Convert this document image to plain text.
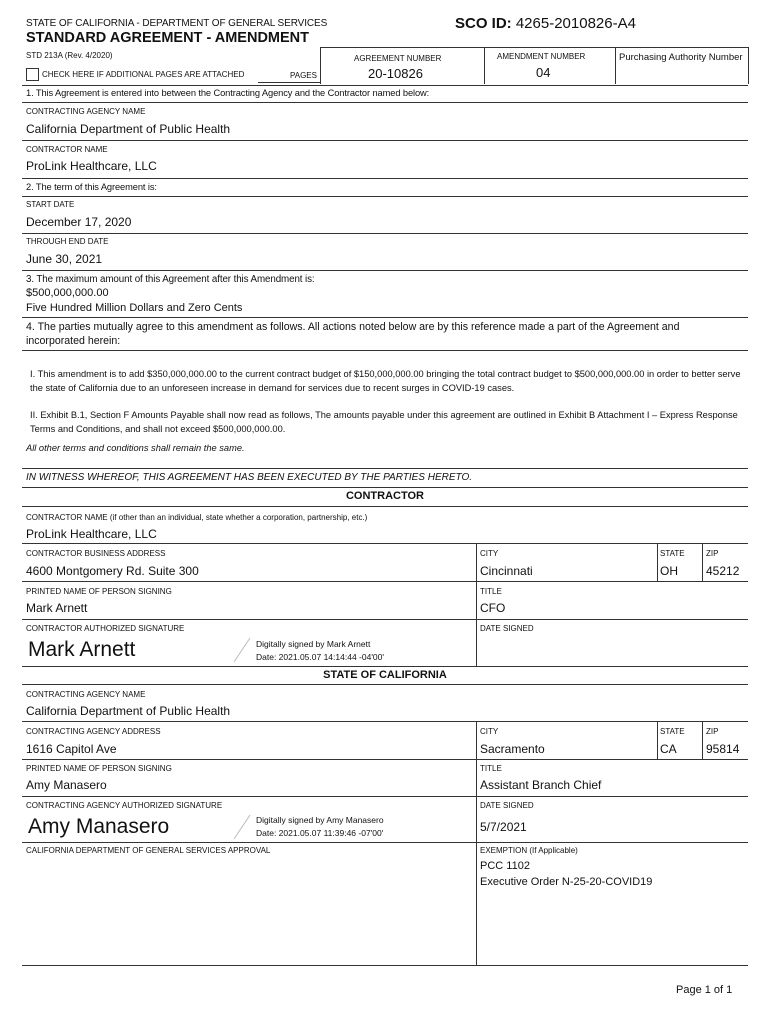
STATE OF CALIFORNIA - DEPARTMENT OF GENERAL SERVICES	SCO ID: 4265-2010826-A4
STANDARD AGREEMENT - AMENDMENT
STD 213A (Rev. 4/2020)	AGREEMENT NUMBER
20-10826
AMENDMENT NUMBER
04
Purchasing Authority Number
CHECK HERE IF ADDITIONAL PAGES ARE ATTACHED	PAGES
1. This Agreement is entered into between the Contracting Agency and the Contractor named below:
CONTRACTING AGENCY NAME
California Department of Public Health
CONTRACTOR NAME
ProLink Healthcare, LLC
2. The term of this Agreement is:
START DATE
December 17, 2020
THROUGH END DATE
June 30, 2021
3. The maximum amount of this Agreement after this Amendment is:
$500,000,000.00
Five Hundred Million Dollars and Zero Cents
4. The parties mutually agree to this amendment as follows. All actions noted below are by this reference made a part of the Agreement and incorporated herein:
I. This amendment is to add $350,000,000.00 to the current contract budget of $150,000,000.00 bringing the total contract budget to $500,000,000.00 in order to better serve the state of California due to an unforeseen increase in demand for services due to recent surges in COVID-19 cases.
II. Exhibit B.1, Section F Amounts Payable shall now read as follows, The amounts payable under this agreement are outlined in Exhibit B Attachment I – Express Response Terms and Conditions, and shall not exceed $500,000,000.00.
All other terms and conditions shall remain the same.
IN WITNESS WHEREOF, THIS AGREEMENT HAS BEEN EXECUTED BY THE PARTIES HERETO.
CONTRACTOR
CONTRACTOR NAME (if other than an individual, state whether a corporation, partnership, etc.)
ProLink Healthcare, LLC
CONTRACTOR BUSINESS ADDRESS
4600 Montgomery Rd. Suite 300
CITY
Cincinnati
STATE
OH
ZIP
45212
PRINTED NAME OF PERSON SIGNING
Mark Arnett
TITLE
CFO
CONTRACTOR AUTHORIZED SIGNATURE
Mark Arnett	Digitally signed by Mark Arnett
Date: 2021.05.07 14:14:44 -04'00'
DATE SIGNED
STATE OF CALIFORNIA
CONTRACTING AGENCY NAME
California Department of Public Health
CONTRACTING AGENCY ADDRESS
1616 Capitol Ave
CITY
Sacramento
STATE
CA
ZIP
95814
PRINTED NAME OF PERSON SIGNING
Amy Manasero
TITLE
Assistant Branch Chief
CONTRACTING AGENCY AUTHORIZED SIGNATURE
Amy Manasero	Digitally signed by Amy Manasero
Date: 2021.05.07 11:39:46 -07'00'
DATE SIGNED
5/7/2021
CALIFORNIA DEPARTMENT OF GENERAL SERVICES APPROVAL	EXEMPTION (If Applicable)
PCC 1102
Executive Order N-25-20-COVID19
Page 1 of 1
